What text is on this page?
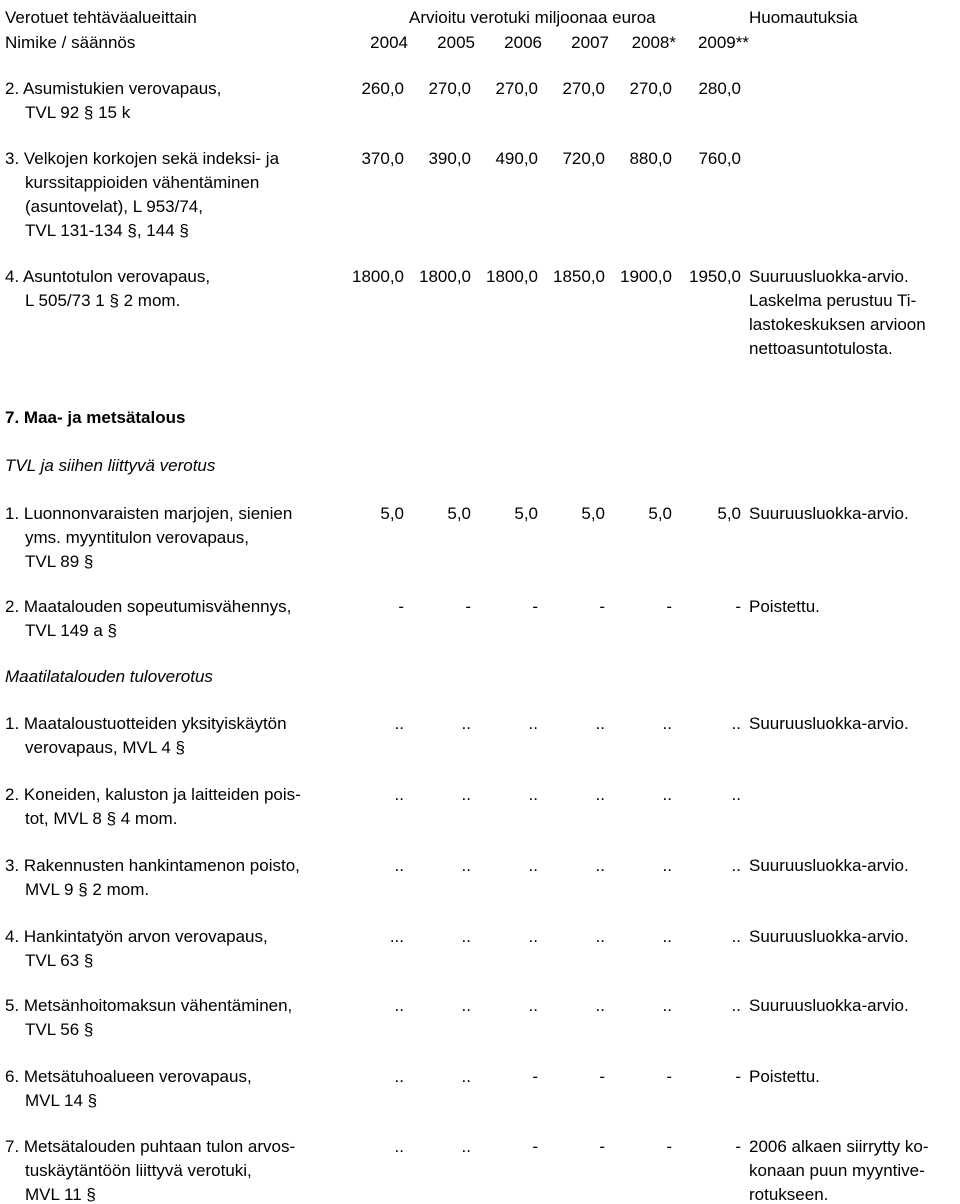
Verotuet tehtäväalueittain
Nimike / säännös
Arvioitu verotuki miljoonaa euroa	Huomautuksia
2004	2005	2006	2007	2008*	2009**
2. Asumistukien verovapaus,
TVL 92 § 15 k
260,0	270,0	270,0	270,0	270,0	280,0
3. Velkojen korkojen sekä indeksi- ja
kurssitappioiden vähentäminen
(asuntovelat), L 953/74,
TVL 131-134 §, 144 §
370,0	390,0	490,0	720,0	880,0	760,0
4. Asuntotulon verovapaus,
L 505/73 1 § 2 mom.
1800,0 1800,0 1800,0 1850,0 1900,0	1950,0 Suuruusluokka-arvio.
Laskelma perustuu Ti-
lastokeskuksen arvioon
nettoasuntotulosta.
7. Maa- ja metsätalous
TVL ja siihen liittyvä verotus
1. Luonnonvaraisten marjojen, sienien
yms. myyntitulon verovapaus,
TVL 89 §
5,0	5,0	5,0	5,0	5,0	5,0 Suuruusluokka-arvio.
2. Maatalouden sopeutumisvähennys,
TVL 149 a §
-	-	-	-	-	- Poistettu.
Maatilatalouden tuloverotus
1. Maataloustuotteiden yksityiskäytön
verovapaus, MVL 4 §
..	..	..	..	..	.. Suuruusluokka-arvio.
2. Koneiden, kaluston ja laitteiden pois-
tot, MVL 8 § 4 mom.
..	..	..	..	..	..
3. Rakennusten hankintamenon poisto,
MVL 9 § 2 mom.
..	..	..	..	..	.. Suuruusluokka-arvio.
4. Hankintatyön arvon verovapaus,
TVL 63 §
...	..	..	..	..	.. Suuruusluokka-arvio.
5. Metsänhoitomaksun vähentäminen,
TVL 56 §
..	..	..	..	..	.. Suuruusluokka-arvio.
6. Metsätuhoalueen verovapaus,
MVL 14 §
..	..	-	-	-	- Poistettu.
7. Metsätalouden puhtaan tulon arvos-
tuskäytäntöön liittyvä verotuki,
MVL 11 §
..	..	-	-	-	- 2006 alkaen siirrytty ko-
konaan puun myyntive-
rotukseen.
